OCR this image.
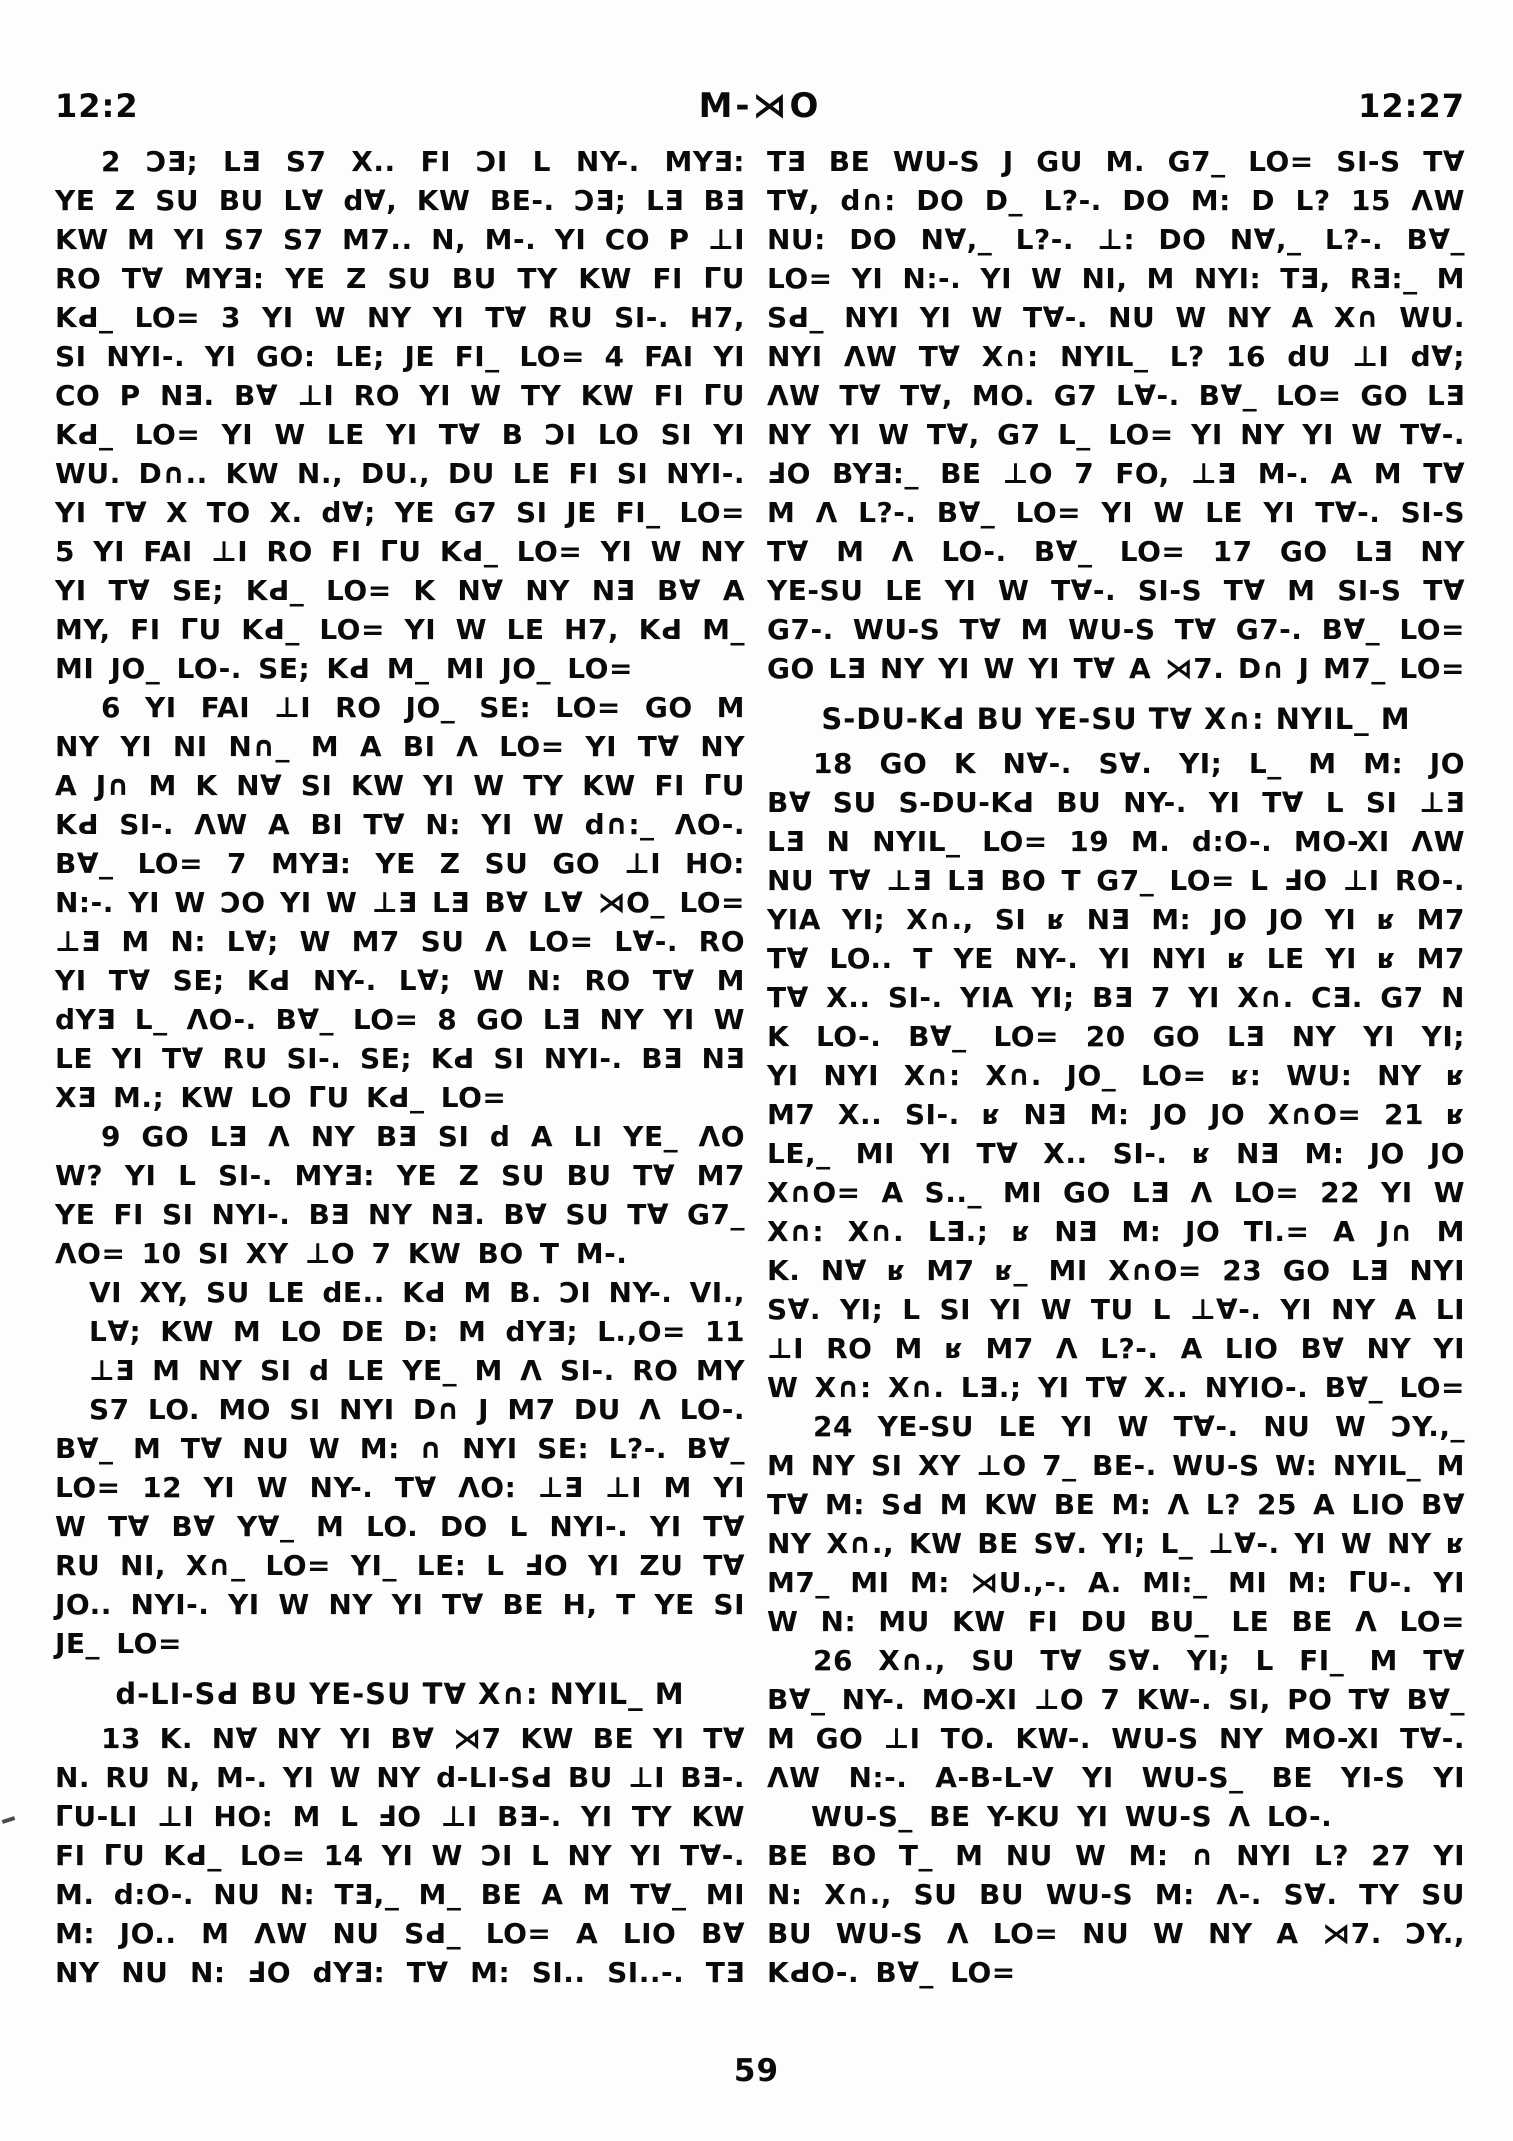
12:2	M-⋊O	12:27
2 ƆƎ; LƎ S7 X.. FI ƆI L NY-. MYƎ:
YE Z SU BU L∀ d∀, KW BE-. ƆƎ; LƎ BƎ
KW M YI S7 S7 M7.. N, M-. YI CO P ⊥I
RO T∀ MYƎ: YE Z SU BU TY KW FI ΓU
KԀ_ LO= 3 YI W NY YI T∀ RU SI-. H7,
SI NYI-. YI GO: LE; JE FI_ LO= 4 FAI YI
CO P NƎ. B∀ ⊥I RO YI W TY KW FI ΓU
KԀ_ LO= YI W LE YI T∀ B ƆI LO SI YI
WU. D∩.. KW N., DU., DU LE FI SI NYI-.
YI T∀ X TO X. d∀; YE G7 SI JE FI_ LO=
5 YI FAI ⊥I RO FI ΓU KԀ_ LO= YI W NY
YI T∀ SE; KԀ_ LO= K N∀ NY NƎ B∀ A
MY, FI ΓU KԀ_ LO= YI W LE H7, KԀ M_
MI JO_ LO-. SE; KԀ M_ MI JO_ LO=
6 YI FAI ⊥I RO JO_ SE: LO= GO M
NY YI NI N∩_ M A BI Ʌ LO= YI T∀ NY
A J∩ M K N∀ SI KW YI W TY KW FI ΓU
KԀ SI-. ɅW A BI T∀ N: YI W d∩:_ ɅO-.
B∀_ LO= 7 MYƎ: YE Z SU GO ⊥I HO:
N:-. YI W ƆO YI W ⊥Ǝ LƎ B∀ L∀ ⋊O_ LO=
⊥Ǝ M N: L∀; W M7 SU Ʌ LO= L∀-. RO
YI T∀ SE; KԀ NY-. L∀; W N: RO T∀ M
dYƎ L_ ɅO-. B∀_ LO= 8 GO LƎ NY YI W
LE YI T∀ RU SI-. SE; KԀ SI NYI-. BƎ NƎ
XƎ M.; KW LO ΓU KԀ_ LO=
9 GO LƎ Ʌ NY BƎ SI d A LI YE_ ɅO
W? YI L SI-. MYƎ: YE Z SU BU T∀ M7
YE FI SI NYI-. BƎ NY NƎ. B∀ SU T∀ G7_
ɅO= 10 SI XY ⊥O 7 KW BO T M-.
VI XY, SU LE dE.. KԀ M B. ƆI NY-. VI.,
L∀; KW M LO DE D: M dYƎ; L.,O= 11
⊥Ǝ M NY SI d LE YE_ M Ʌ SI-. RO MY
S7 LO. MO SI NYI D∩ J M7 DU Ʌ LO-.
B∀_ M T∀ NU W M: ∩ NYI SE: L?-. B∀_
LO= 12 YI W NY-. T∀ ɅO: ⊥Ǝ ⊥I M YI
W T∀ B∀ Y∀_ M LO. DO L NYI-. YI T∀
RU NI, X∩_ LO= YI_ LE: L ℲO YI ZU T∀
JO.. NYI-. YI W NY YI T∀ BE H, T YE SI
JE_ LO=
d-LI-SԀ BU YE-SU T∀ X∩: NYIL_ M
13 K. N∀ NY YI B∀ ⋊7 KW BE YI T∀
N. RU N, M-. YI W NY d-LI-SԀ BU ⊥I BƎ-.
ΓU-LI ⊥I HO: M L ℲO ⊥I BƎ-. YI TY KW
FI ΓU KԀ_ LO= 14 YI W ƆI L NY YI T∀-.
M. d:O-. NU N: TƎ,_ M_ BE A M T∀_ MI
M: JO.. M ɅW NU SԀ_ LO= A LIO B∀
NY NU N: ℲO dYƎ: T∀ M: SI.. SI..-. TƎ
TƎ BE WU-S J GU M. G7_ LO= SI-S T∀
T∀, d∩: DO D_ L?-. DO M: D L? 15 ɅW
NU: DO N∀,_ L?-. ⊥: DO N∀,_ L?-. B∀_
LO= YI N:-. YI W NI, M NYI: TƎ, RƎ:_ M
SԀ_ NYI YI W T∀-. NU W NY A X∩ WU.
NYI ɅW T∀ X∩: NYIL_ L? 16 dU ⊥I d∀;
ɅW T∀ T∀, MO. G7 L∀-. B∀_ LO= GO LƎ
NY YI W T∀, G7 L_ LO= YI NY YI W T∀-.
ℲO BYƎ:_ BE ⊥O 7 FO, ⊥Ǝ M-. A M T∀
M Ʌ L?-. B∀_ LO= YI W LE YI T∀-. SI-S
T∀ M Ʌ LO-. B∀_ LO= 17 GO LƎ NY
YE-SU LE YI W T∀-. SI-S T∀ M SI-S T∀
G7-. WU-S T∀ M WU-S T∀ G7-. B∀_ LO=
GO LƎ NY YI W YI T∀ A ⋊7. D∩ J M7_ LO=
S-DU-KԀ BU YE-SU T∀ X∩: NYIL_ M
18 GO K N∀-. S∀. YI; L_ M M: JO
B∀ SU S-DU-KԀ BU NY-. YI T∀ L SI ⊥Ǝ
LƎ N NYIL_ LO= 19 M. d:O-. MO-XI ɅW
NU T∀ ⊥Ǝ LƎ BO T G7_ LO= L ℲO ⊥I RO-.
YIA YI; X∩., SI ʁ NƎ M: JO JO YI ʁ M7
T∀ LO.. T YE NY-. YI NYI ʁ LE YI ʁ M7
T∀ X.. SI-. YIA YI; BƎ 7 YI X∩. CƎ. G7 N
K LO-. B∀_ LO= 20 GO LƎ NY YI YI;
YI NYI X∩: X∩. JO_ LO= ʁ: WU: NY ʁ
M7 X.. SI-. ʁ NƎ M: JO JO X∩O= 21 ʁ
LE,_ MI YI T∀ X.. SI-. ʁ NƎ M: JO JO
X∩O= A S.._ MI GO LƎ Ʌ LO= 22 YI W
X∩: X∩. LƎ.; ʁ NƎ M: JO TI.= A J∩ M
K. N∀ ʁ M7 ʁ_ MI X∩O= 23 GO LƎ NYI
S∀. YI; L SI YI W TU L ⊥∀-. YI NY A LI
⊥I RO M ʁ M7 Ʌ L?-. A LIO B∀ NY YI
W X∩: X∩. LƎ.; YI T∀ X.. NYIO-. B∀_ LO=
24 YE-SU LE YI W T∀-. NU W ƆY.,_
M NY SI XY ⊥O 7_ BE-. WU-S W: NYIL_ M
T∀ M: SԀ M KW BE M: Ʌ L? 25 A LIO B∀
NY X∩., KW BE S∀. YI; L_ ⊥∀-. YI W NY ʁ
M7_ MI M: ⋊U.,-. A. MI:_ MI M: ΓU-. YI
W N: MU KW FI DU BU_ LE BE Ʌ LO=
26 X∩., SU T∀ S∀. YI; L FI_ M T∀
B∀_ NY-. MO-XI ⊥O 7 KW-. SI, PO T∀ B∀_
M GO ⊥I TO. KW-. WU-S NY MO-XI T∀-.
ɅW N:-. A-B-L-V YI WU-S_ BE YI-S YI
WU-S_ BE Y-KU YI WU-S Ʌ LO-.
BE BO T_ M NU W M: ∩ NYI L? 27 YI
N: X∩., SU BU WU-S M: Ʌ-. S∀. TY SU
BU WU-S Ʌ LO= NU W NY A ⋊7. ƆY.,
KԀO-. B∀_ LO=
59
